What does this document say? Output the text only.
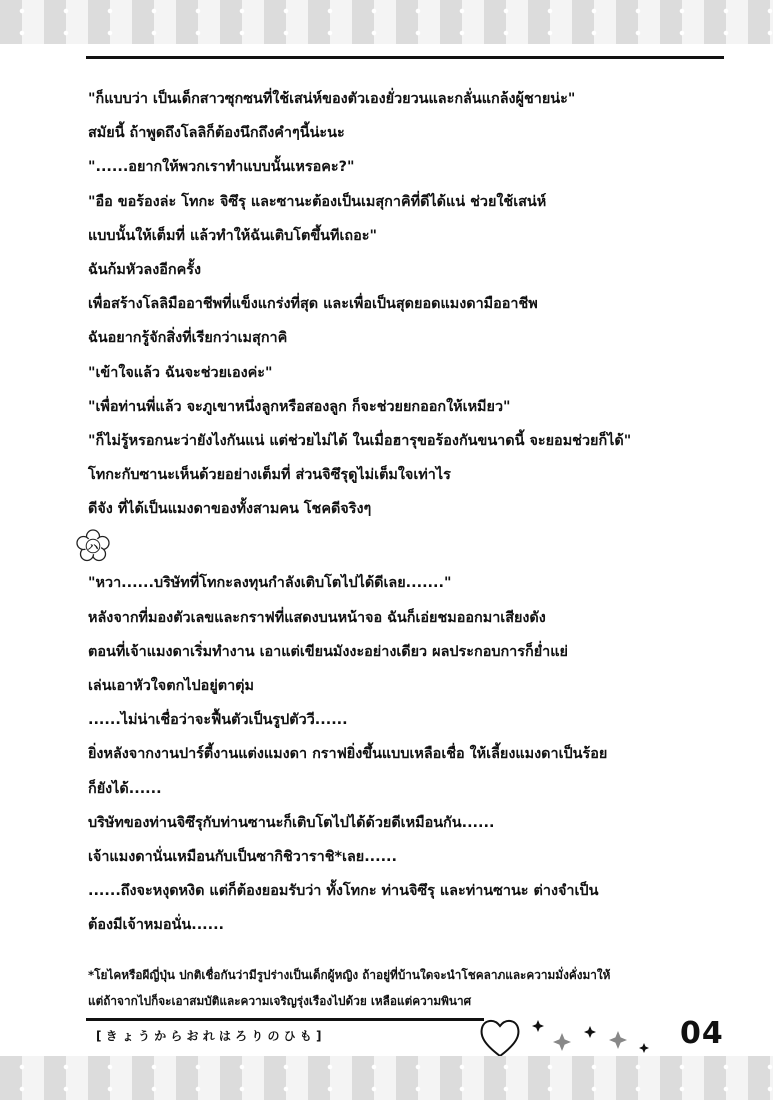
"ก็แบบว่า เป็นเด็กสาวซุกซนที่ใช้เสน่ห์ของตัวเองยั่วยวนและกลั่นแกล้งผู้ชายน่ะ"
สมัยนี้ ถ้าพูดถึงโลลิก็ต้องนึกถึงคำๆนี้น่ะนะ
"......อยากให้พวกเราทำแบบนั้นเหรอคะ?"
"อือ ขอร้องล่ะ โทกะ จิซึรุ และซานะต้องเป็นเมสุกาคิที่ดีได้แน่ ช่วยใช้เสน่ห์
แบบนั้นให้เต็มที่ แล้วทำให้ฉันเติบโตขึ้นทีเถอะ"
ฉันก้มหัวลงอีกครั้ง
เพื่อสร้างโลลิมืออาชีพที่แข็งแกร่งที่สุด และเพื่อเป็นสุดยอดแมงดามืออาชีพ
ฉันอยากรู้จักสิ่งที่เรียกว่าเมสุกาคิ
"เข้าใจแล้ว ฉันจะช่วยเองค่ะ"
"เพื่อท่านพี่แล้ว จะภูเขาหนึ่งลูกหรือสองลูก ก็จะช่วยยกออกให้เหมียว"
"ก็ไม่รู้หรอกนะว่ายังไงกันแน่ แต่ช่วยไม่ได้ ในเมื่อฮารุขอร้องกันขนาดนี้ จะยอมช่วยก็ได้"
โทกะกับซานะเห็นด้วยอย่างเต็มที่ ส่วนจิซึรุดูไม่เต็มใจเท่าไร
ดีจัง ที่ได้เป็นแมงดาของทั้งสามคน โชคดีจริงๆ
ハ
"หวา......บริษัทที่โทกะลงทุนกำลังเติบโตไปได้ดีเลย......."
หลังจากที่มองตัวเลขและกราฟที่แสดงบนหน้าจอ ฉันก็เอ่ยชมออกมาเสียงดัง
ตอนที่เจ้าแมงดาเริ่มทำงาน เอาแต่เขียนมังงะอย่างเดียว ผลประกอบการก็ย่ำแย่
เล่นเอาหัวใจตกไปอยู่ตาตุ่ม
......ไม่น่าเชื่อว่าจะฟื้นตัวเป็นรูปตัววี......
ยิ่งหลังจากงานปาร์ตี้งานแต่งแมงดา กราฟยิ่งขึ้นแบบเหลือเชื่อ ให้เลี้ยงแมงดาเป็นร้อย
ก็ยังได้......
บริษัทของท่านจิซึรุกับท่านซานะก็เติบโตไปได้ด้วยดีเหมือนกัน......
เจ้าแมงดานั่นเหมือนกับเป็นซากิชิวาราชิ*เลย......
......ถึงจะหงุดหงิด แต่ก็ต้องยอมรับว่า ทั้งโทกะ ท่านจิซึรุ และท่านซานะ ต่างจำเป็น
ต้องมีเจ้าหมอนั่น......
*โยไคหรือผีญี่ปุ่น ปกติเชื่อกันว่ามีรูปร่างเป็นเด็กผู้หญิง ถ้าอยู่ที่บ้านใดจะนำโชคลาภและความมั่งคั่งมาให้
แต่ถ้าจากไปก็จะเอาสมบัติและความเจริญรุ่งเรืองไปด้วย เหลือแต่ความพินาศ
[ き ょ う か ら お れ は ろ り の ひ も ]	04
